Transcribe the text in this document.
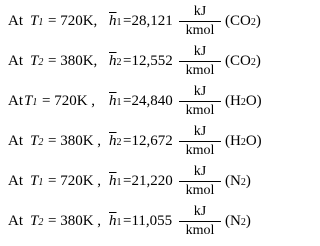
At T1 = 720K, $\overline{h}1 =28,121$
kJ
kmol
(CO2)
At T2 = 380K, $\overline{h}2 =12,552$
kJ
kmol
(CO2)
At T1 = 720K , $\overline{h}1 =24,840$
kJ
kmol
(H2O)
At T2 = 380K , $\overline{h}2 =12,672$
kJ
kmol
(H2O)
At T1 = 720K , $\overline{h}1 =21,220$
kJ
kmol
(N2)
At T2 = 380K , $\overline{h}1 =11,055$
kJ
kmol
(N2)
